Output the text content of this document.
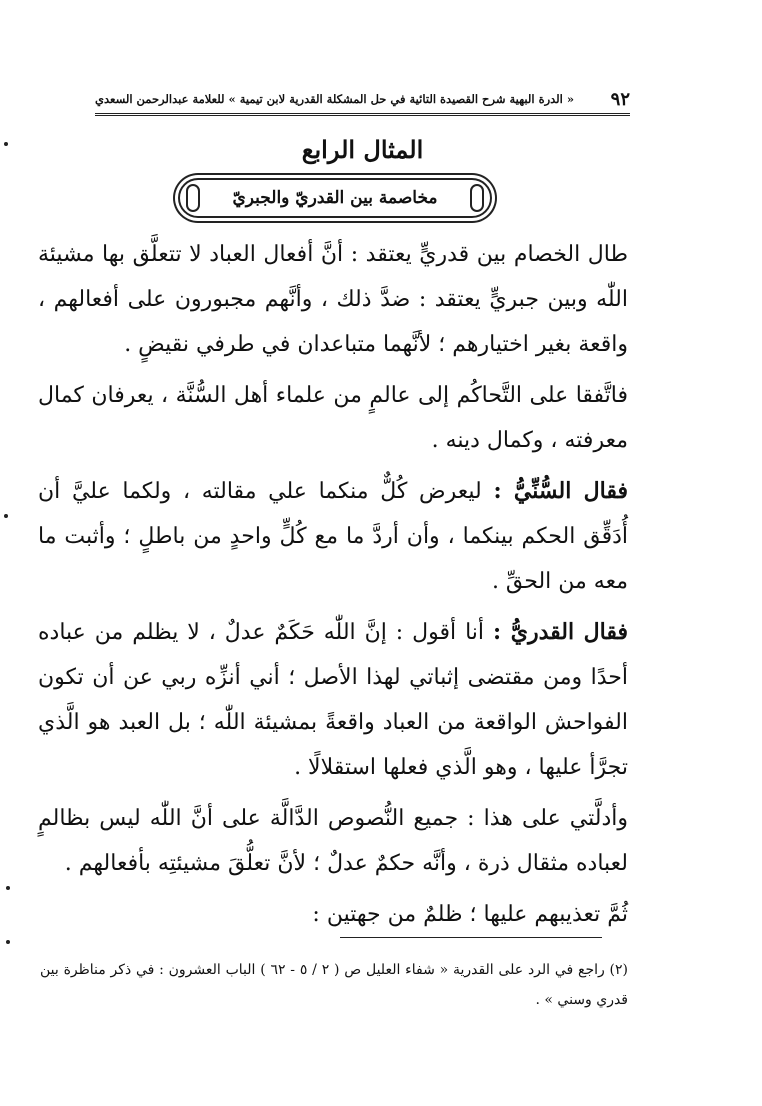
٩٢
« الدرة البهية شرح القصيدة التائية في حل المشكلة القدرية لابن تيمية » للعلامة عبدالرحمن السعدي
المثال الرابع
مخاصمة بين القدريّ والجبريّ

طال الخصام بين قدريٍّ يعتقد : أنَّ أفعال العباد لا تتعلَّق بها مشيئة اللّٰه وبين جبريٍّ يعتقد : ضدَّ ذلك ، وأنَّهم مجبورون على أفعالهم ، واقعة بغير اختيارهم ؛ لأنَّهما متباعدان في طرفي نقيضٍ .

فاتَّفقا على التَّحاكُم إلى عالمٍ من علماء أهل السُّنَّة ، يعرفان كمال معرفته ، وكمال دينه .

فقال السُّنِّيُّ : ليعرض كُلٌّ منكما علي مقالته ، ولكما عليَّ أن أُدَقِّق الحكم بينكما ، وأن أردَّ ما مع كُلٍّ واحدٍ من باطلٍ ؛ وأثبت ما معه من الحقِّ .

فقال القدريُّ : أنا أقول : إنَّ اللّٰه حَكَمٌ عدلٌ ، لا يظلم من عباده أحدًا ومن مقتضى إثباتي لهذا الأصل ؛ أني أنزِّه ربي عن أن تكون الفواحش الواقعة من العباد واقعةً بمشيئة اللّٰه ؛ بل العبد هو الَّذي تجرَّأ عليها ، وهو الَّذي فعلها استقلالًا .

وأدلَّتي على هذا : جميع النُّصوص الدَّالَّة على أنَّ اللّٰه ليس بظالمٍ لعباده مثقال ذرة ، وأنَّه حكمٌ عدلٌ ؛ لأنَّ تعلُّقَ مشيئتِه بأفعالهم .

ثُمَّ تعذيبهم عليها ؛ ظلمٌ من جهتين :

(٢) راجع في الرد على القدرية « شفاء العليل ص ( ٢ / ٥ - ٦٢ ) الباب العشرون : في ذكر مناظرة بين قدري وسني » .
